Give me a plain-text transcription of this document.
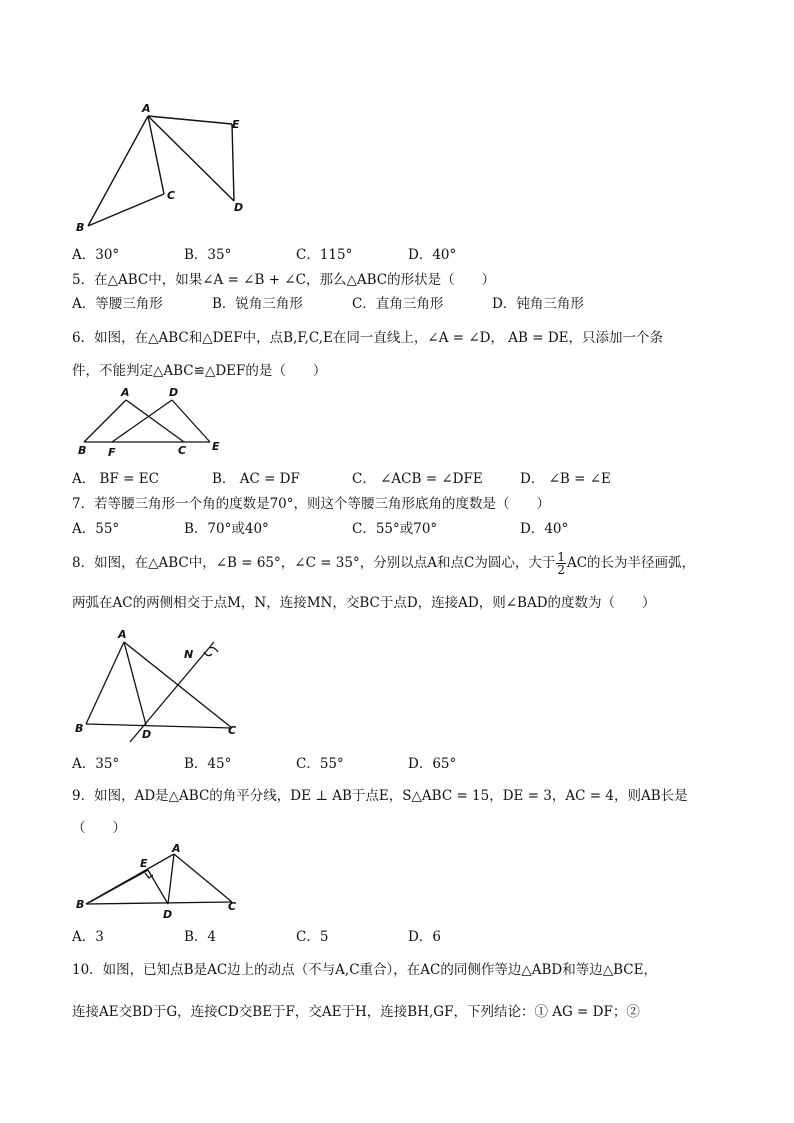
A
E
C
D
B
A．30°	B．35°	C．115°	D．40°
5．在△ABC中，如果∠A = ∠B + ∠C，那么△ABC的形状是（　　）
A．等腰三角形	B．锐角三角形	C．直角三角形	D．钝角三角形
6．如图，在△ABC和△DEF中，点B,F,C,E在同一直线上，∠A = ∠D， AB = DE，只添加一个条
件，不能判定△ABC≌△DEF的是（　　）
A	D
B F	C E
A． BF = EC	B． AC = DF	C． ∠ACB = ∠DFE	D． ∠B = ∠E
7．若等腰三角形一个角的度数是70°，则这个等腰三角形底角的度数是（　　）
A．55°	B．70°或40°	C．55°或70°	D．40°
8．如图，在△ABC中，∠B = 65°，∠C = 35°，分别以点A和点C为圆心，大于 $\frac{1}{2}$ AC的长为半径画弧，
两弧在AC的两侧相交于点M，N，连接MN，交BC于点D，连接AD，则∠BAD的度数为（　　）
A
N
B	D	C
A．35°	B．45°	C．55°	D．65°
9．如图，AD是△ABC的角平分线，DE ⊥ AB于点E，S△ABC = 15，DE = 3，AC = 4，则AB长是
（　　）
E
A
B
D
C
A．3	B．4	C．5	D．6
10．如图，已知点B是AC边上的动点（不与A,C重合），在AC的同侧作等边△ABD和等边△BCE，
连接AE交BD于G，连接CD交BE于F，交AE于H，连接BH,GF，下列结论：① AG = DF；②
